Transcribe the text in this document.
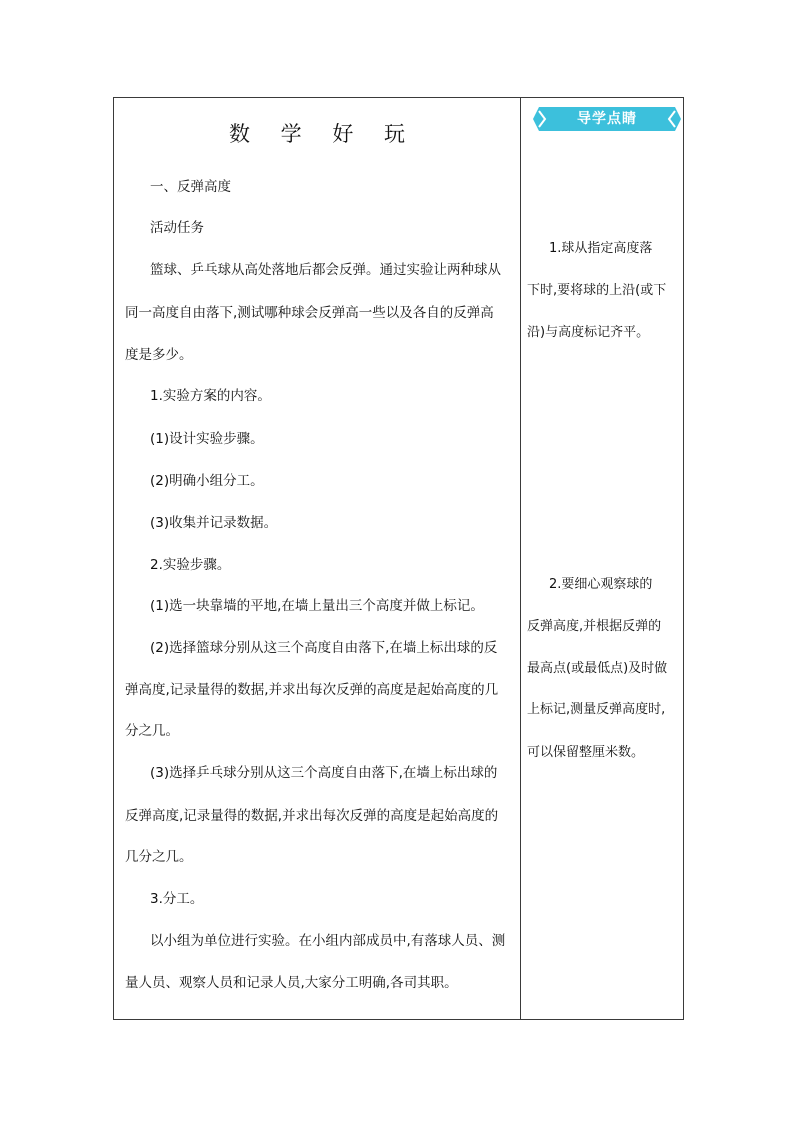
数 学 好 玩
一、反弹高度
活动任务
篮球、乒乓球从高处落地后都会反弹。通过实验让两种球从
同一高度自由落下,测试哪种球会反弹高一些以及各自的反弹高
度是多少。
1.实验方案的内容。
(1)设计实验步骤。
(2)明确小组分工。
(3)收集并记录数据。
2.实验步骤。
(1)选一块靠墙的平地,在墙上量出三个高度并做上标记。
(2)选择篮球分别从这三个高度自由落下,在墙上标出球的反
弹高度,记录量得的数据,并求出每次反弹的高度是起始高度的几
分之几。
(3)选择乒乓球分别从这三个高度自由落下,在墙上标出球的
反弹高度,记录量得的数据,并求出每次反弹的高度是起始高度的
几分之几。
3.分工。
以小组为单位进行实验。在小组内部成员中,有落球人员、测
量人员、观察人员和记录人员,大家分工明确,各司其职。
导学点睛
1.球从指定高度落
下时,要将球的上沿(或下
沿)与高度标记齐平。
2.要细心观察球的
反弹高度,并根据反弹的
最高点(或最低点)及时做
上标记,测量反弹高度时,
可以保留整厘米数。
